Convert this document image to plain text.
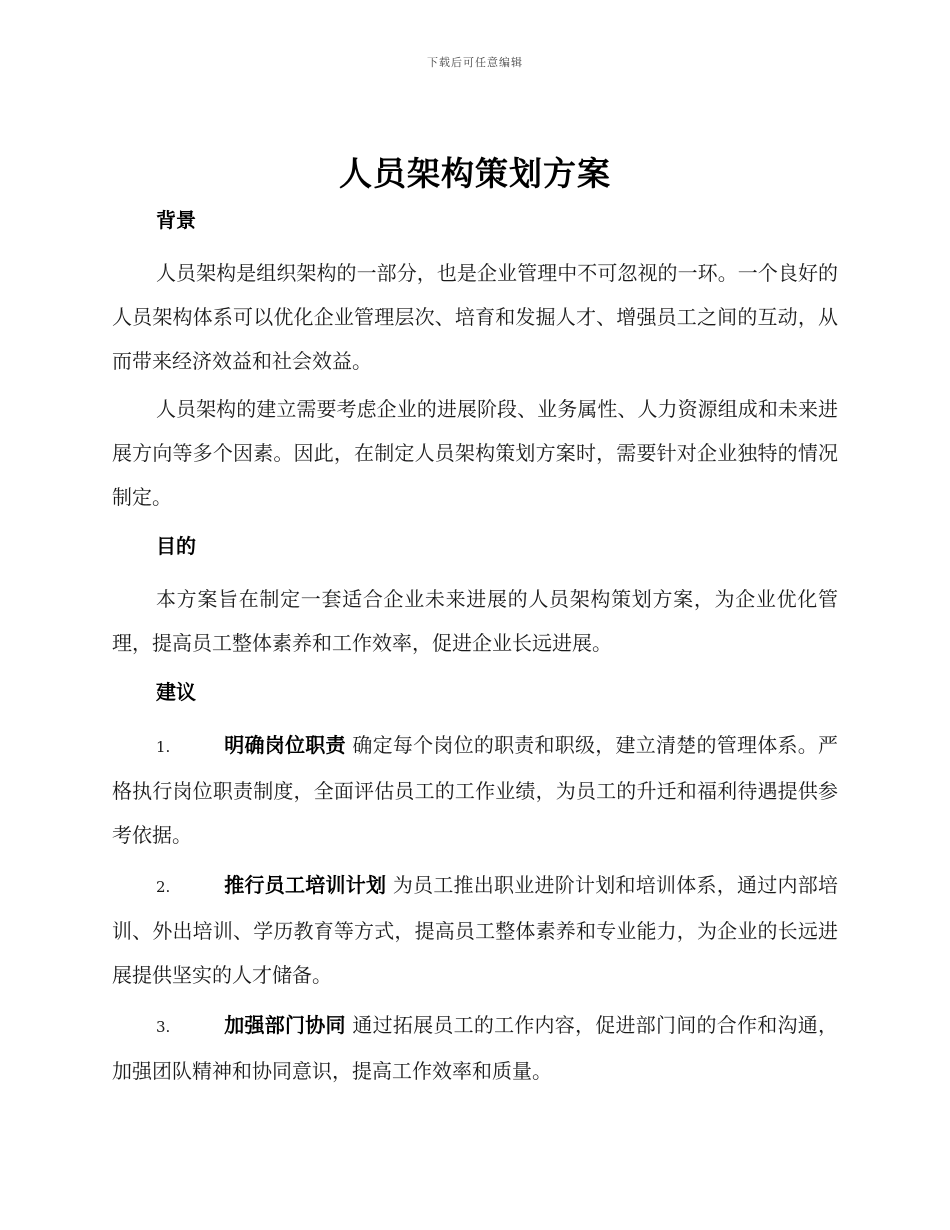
下载后可任意编辑
人员架构策划方案
背景

人员架构是组织架构的一部分，也是企业管理中不可忽视的一环。一个良好的人员架构体系可以优化企业管理层次、培育和发掘人才、增强员工之间的互动，从而带来经济效益和社会效益。

人员架构的建立需要考虑企业的进展阶段、业务属性、人力资源组成和未来进展方向等多个因素。因此，在制定人员架构策划方案时，需要针对企业独特的情况制定。

目的

本方案旨在制定一套适合企业未来进展的人员架构策划方案，为企业优化管理，提高员工整体素养和工作效率，促进企业长远进展。

建议

1.	明确岗位职责 确定每个岗位的职责和职级，建立清楚的管理体系。严格执行岗位职责制度，全面评估员工的工作业绩，为员工的升迁和福利待遇提供参考依据。

2.	推行员工培训计划 为员工推出职业进阶计划和培训体系，通过内部培训、外出培训、学历教育等方式，提高员工整体素养和专业能力，为企业的长远进展提供坚实的人才储备。

3.	加强部门协同 通过拓展员工的工作内容，促进部门间的合作和沟通，加强团队精神和协同意识，提高工作效率和质量。
